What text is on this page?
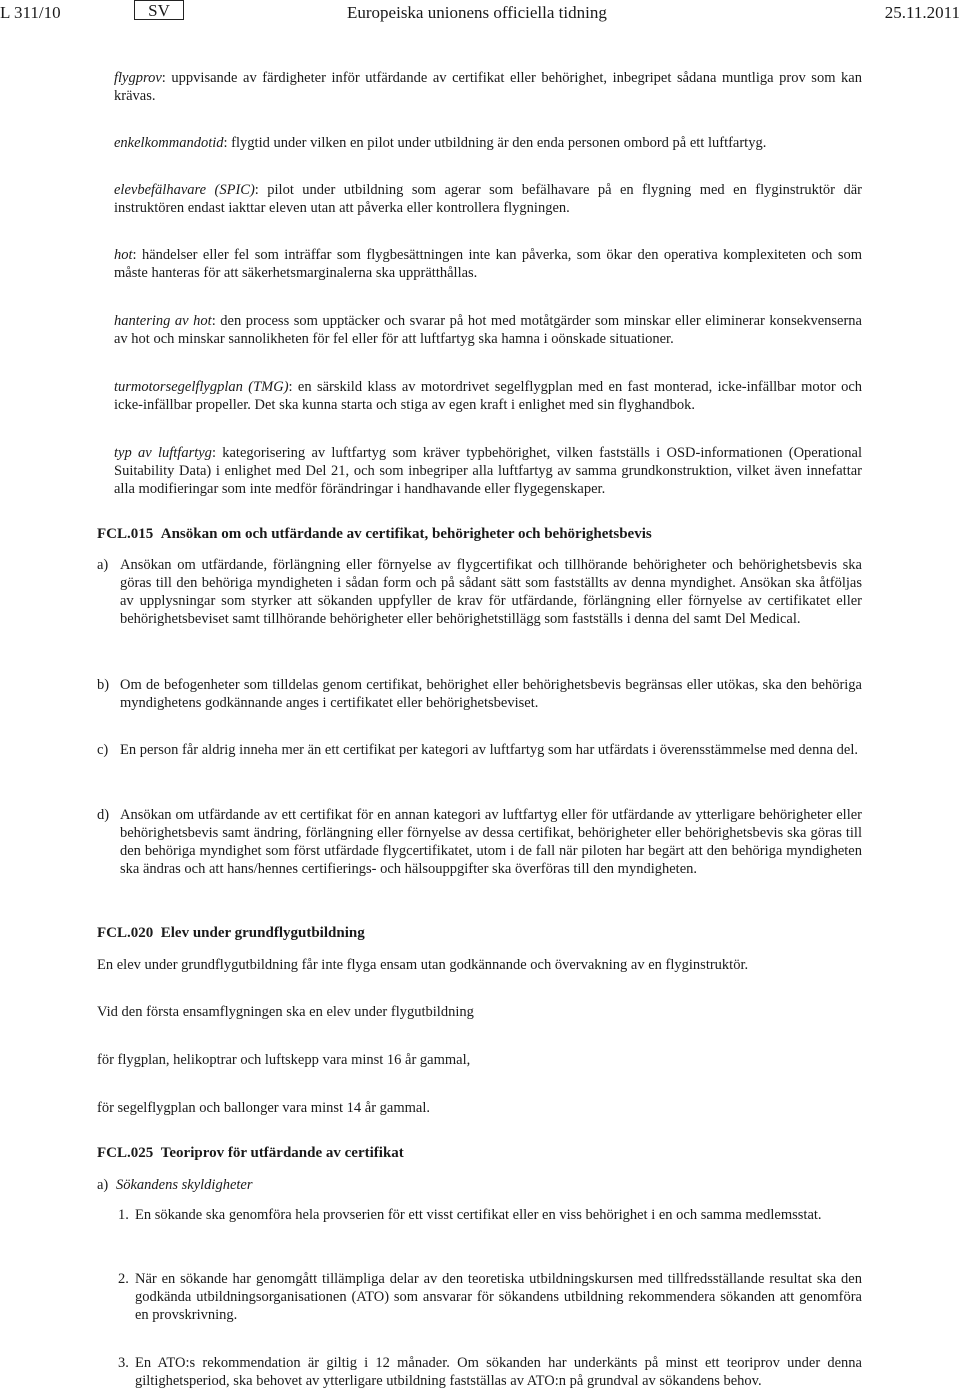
L 311/10	SV	Europeiska unionens officiella tidning	25.11.2011
flygprov: uppvisande av färdigheter inför utfärdande av certifikat eller behörighet, inbegripet sådana muntliga prov som kan krävas.
enkelkommandotid: flygtid under vilken en pilot under utbildning är den enda personen ombord på ett luftfartyg.
elevbefälhavare (SPIC): pilot under utbildning som agerar som befälhavare på en flygning med en flyginstruktör där instruktören endast iakttar eleven utan att påverka eller kontrollera flygningen.
hot: händelser eller fel som inträffar som flygbesättningen inte kan påverka, som ökar den operativa komplexiteten och som måste hanteras för att säkerhetsmarginalerna ska upprätthållas.
hantering av hot: den process som upptäcker och svarar på hot med motåtgärder som minskar eller eliminerar konsekvenserna av hot och minskar sannolikheten för fel eller för att luftfartyg ska hamna i oönskade situationer.
turmotorsegelflygplan (TMG): en särskild klass av motordrivet segelflygplan med en fast monterad, icke-infällbar motor och icke-infällbar propeller. Det ska kunna starta och stiga av egen kraft i enlighet med sin flyghandbok.
typ av luftfartyg: kategorisering av luftfartyg som kräver typbehörighet, vilken fastställs i OSD-informationen (Operational Suitability Data) i enlighet med Del 21, och som inbegriper alla luftfartyg av samma grundkonstruktion, vilket även innefattar alla modifieringar som inte medför förändringar i handhavande eller flygegenskaper.
FCL.015 Ansökan om och utfärdande av certifikat, behörigheter och behörighetsbevis
a) Ansökan om utfärdande, förlängning eller förnyelse av flygcertifikat och tillhörande behörigheter och behörighetsbevis ska göras till den behöriga myndigheten i sådan form och på sådant sätt som fastställts av denna myndighet. Ansökan ska åtföljas av upplysningar som styrker att sökanden uppfyller de krav för utfärdande, förlängning eller förnyelse av certifikatet eller behörighetsbeviset samt tillhörande behörigheter eller behörighetstillägg som fastställs i denna del samt Del Medical.
b) Om de befogenheter som tilldelas genom certifikat, behörighet eller behörighetsbevis begränsas eller utökas, ska den behöriga myndighetens godkännande anges i certifikatet eller behörighetsbeviset.
c) En person får aldrig inneha mer än ett certifikat per kategori av luftfartyg som har utfärdats i överensstämmelse med denna del.
d) Ansökan om utfärdande av ett certifikat för en annan kategori av luftfartyg eller för utfärdande av ytterligare behörigheter eller behörighetsbevis samt ändring, förlängning eller förnyelse av dessa certifikat, behörigheter eller behörighetsbevis ska göras till den behöriga myndighet som först utfärdade flygcertifikatet, utom i de fall när piloten har begärt att den behöriga myndigheten ska ändras och att hans/hennes certifierings- och hälsouppgifter ska överföras till den myndigheten.
FCL.020 Elev under grundflygutbildning
En elev under grundflygutbildning får inte flyga ensam utan godkännande och övervakning av en flyginstruktör.
Vid den första ensamflygningen ska en elev under flygutbildning
för flygplan, helikoptrar och luftskepp vara minst 16 år gammal,
för segelflygplan och ballonger vara minst 14 år gammal.
FCL.025 Teoriprov för utfärdande av certifikat
a) Sökandens skyldigheter
1. En sökande ska genomföra hela provserien för ett visst certifikat eller en viss behörighet i en och samma medlemsstat.
2. När en sökande har genomgått tillämpliga delar av den teoretiska utbildningskursen med tillfredsställande resultat ska den godkända utbildningsorganisationen (ATO) som ansvarar för sökandens utbildning rekommendera sökanden att genomföra en provskrivning.
3. En ATO:s rekommendation är giltig i 12 månader. Om sökanden har underkänts på minst ett teoriprov under denna giltighetsperiod, ska behovet av ytterligare utbildning fastställas av ATO:n på grundval av sökandens behov.
